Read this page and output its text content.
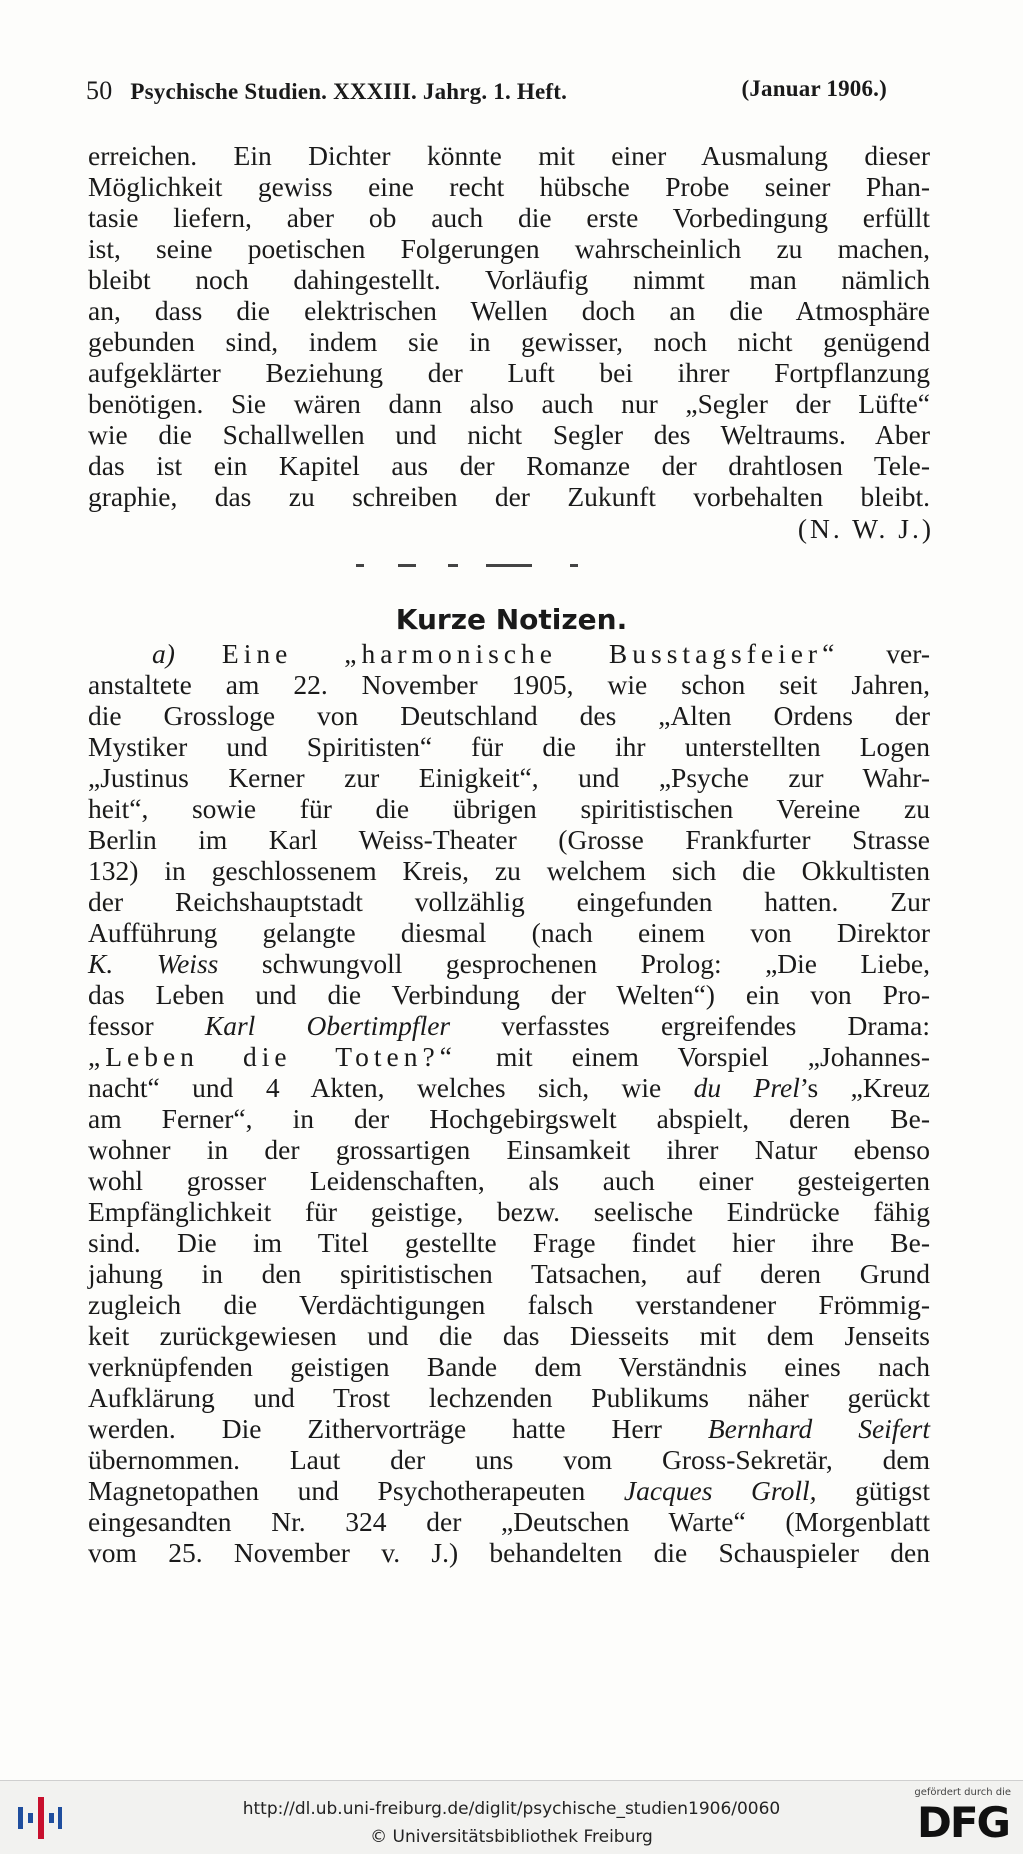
50 Psychische Studien. XXXIII. Jahrg. 1. Heft.	(Januar 1906.)
erreichen. Ein Dichter könnte mit einer Ausmalung dieser
Möglichkeit gewiss eine recht hübsche Probe seiner Phan-
tasie liefern, aber ob auch die erste Vorbedingung erfüllt
ist, seine poetischen Folgerungen wahrscheinlich zu machen,
bleibt noch dahingestellt. Vorläufig nimmt man nämlich
an, dass die elektrischen Wellen doch an die Atmosphäre
gebunden sind, indem sie in gewisser, noch nicht genügend
aufgeklärter Beziehung der Luft bei ihrer Fortpflanzung
benötigen. Sie wären dann also auch nur „Segler der Lüfte“
wie die Schallwellen und nicht Segler des Weltraums. Aber
das ist ein Kapitel aus der Romanze der drahtlosen Tele-
graphie, das zu schreiben der Zukunft vorbehalten bleibt.
(N. W. J.)
Kurze Notizen.
a) Eine „harmonische Busstagsfeier“ ver-
anstaltete am 22. November 1905, wie schon seit Jahren,
die Grossloge von Deutschland des „Alten Ordens der
Mystiker und Spiritisten“ für die ihr unterstellten Logen
„Justinus Kerner zur Einigkeit“, und „Psyche zur Wahr-
heit“, sowie für die übrigen spiritistischen Vereine zu
Berlin im Karl Weiss-Theater (Grosse Frankfurter Strasse
132) in geschlossenem Kreis, zu welchem sich die Okkultisten
der Reichshauptstadt vollzählig eingefunden hatten. Zur
Aufführung gelangte diesmal (nach einem von Direktor
K. Weiss schwungvoll gesprochenen Prolog: „Die Liebe,
das Leben und die Verbindung der Welten“) ein von Pro-
fessor Karl Obertimpfler verfasstes ergreifendes Drama:
„Leben die Toten?“ mit einem Vorspiel „Johannes-
nacht“ und 4 Akten, welches sich, wie du Prel’s „Kreuz
am Ferner“, in der Hochgebirgswelt abspielt, deren Be-
wohner in der grossartigen Einsamkeit ihrer Natur ebenso
wohl grosser Leidenschaften, als auch einer gesteigerten
Empfänglichkeit für geistige, bezw. seelische Eindrücke fähig
sind. Die im Titel gestellte Frage findet hier ihre Be-
jahung in den spiritistischen Tatsachen, auf deren Grund
zugleich die Verdächtigungen falsch verstandener Frömmig-
keit zurückgewiesen und die das Diesseits mit dem Jenseits
verknüpfenden geistigen Bande dem Verständnis eines nach
Aufklärung und Trost lechzenden Publikums näher gerückt
werden. Die Zithervorträge hatte Herr Bernhard Seifert
übernommen. Laut der uns vom Gross-Sekretär, dem
Magnetopathen und Psychotherapeuten Jacques Groll, gütigst
eingesandten Nr. 324 der „Deutschen Warte“ (Morgenblatt
vom 25. November v. J.) behandelten die Schauspieler den
http://dl.ub.uni-freiburg.de/diglit/psychische_studien1906/0060
© Universitätsbibliothek Freiburg
gefördert durch die
DFG
